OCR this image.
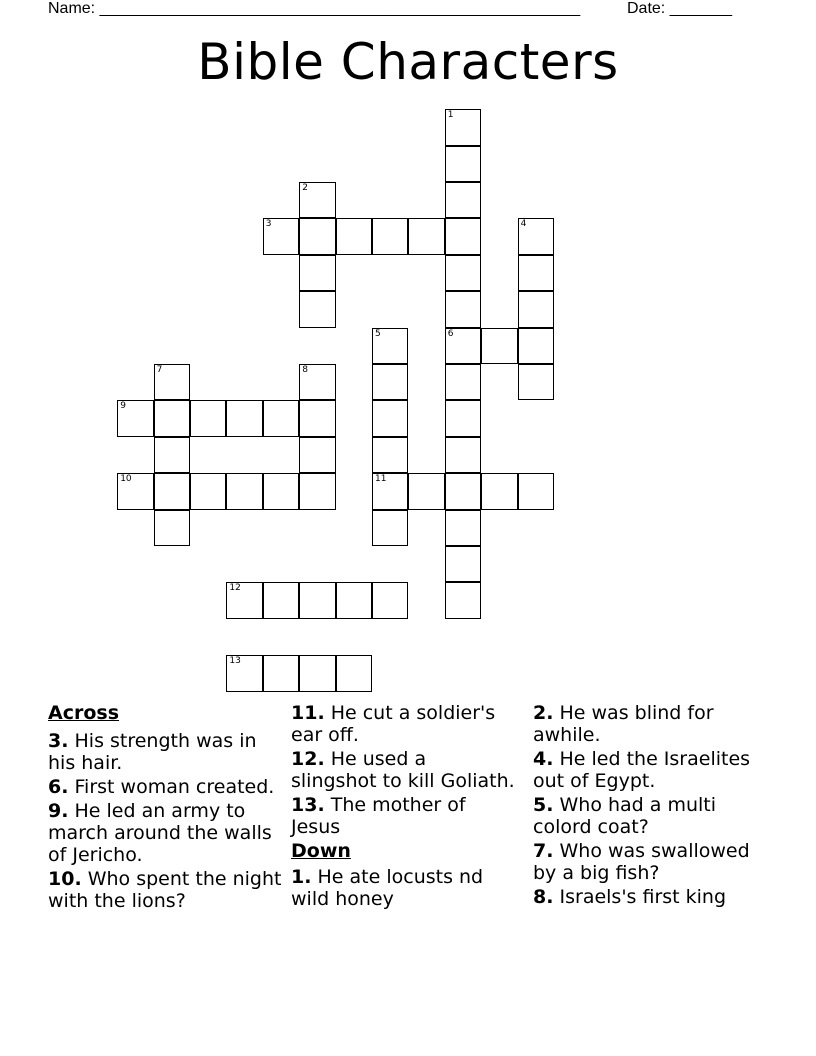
Name: ______________________________________________________	Date: _______
Bible Characters
1
6
2
3	4
5
11
7	8
9
10
12
13
Across
3. His strength was in his hair.
6. First woman created.
9. He led an army to march around the walls of Jericho.
10. Who spent the night with the lions?
11. He cut a soldier's ear off.
12. He used a slingshot to kill Goliath.
13. The mother of Jesus
Down
1. He ate locusts nd wild honey
2. He was blind for awhile.
4. He led the Israelites out of Egypt.
5. Who had a multi colord coat?
7. Who was swallowed by a big fish?
8. Israels's first king
